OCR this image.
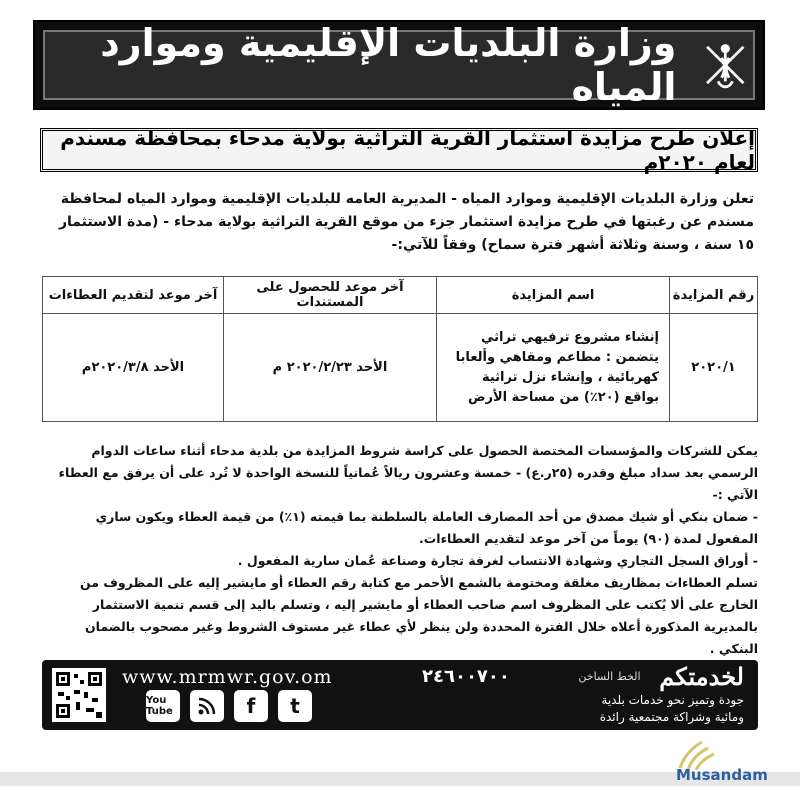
وزارة البلديات الإقليمية وموارد المياه
إعلان طرح مزايدة استثمار القرية التراثية بولاية مدحاء بمحافظة مسندم لعام ٢٠٢٠م
تعلن وزارة البلديات الإقليمية وموارد المياه - المديرية العامه للبلديات الإقليمية وموارد المياه لمحافظة مسندم عن رغبتها في طرح مزايدة استثمار جزء من موقع القرية التراثية بولاية مدحاء - (مدة الاستثمار ١٥ سنة ، وسنة وثلاثة أشهر فترة سماح) وفقاً للآتي:-
رقم المزايدة	اسم المزايدة	آخر موعد للحصول على المستندات	آخر موعد لتقديم العطاءات
٢٠٢٠/١	إنشاء مشروع ترفيهي تراثي يتضمن : مطاعم ومقاهي وألعابا كهربائية ، وإنشاء نزل تراثية بواقع (٢٠٪) من مساحة الأرض	الأحد ٢٠٢٠/٢/٢٣ م	الأحد ٢٠٢٠/٣/٨م

يمكن للشركات والمؤسسات المختصة الحصول على كراسة شروط المزايدة من بلدية مدحاء أثناء ساعات الدوام الرسمي بعد سداد مبلغ وقدره (٢٥ر.ع) - خمسة وعشرون ريالاً عُمانياً للنسخة الواحدة لا تُرد على أن يرفق مع العطاء الآتي :-

- ضمان بنكي أو شيك مصدق من أحد المصارف العاملة بالسلطنة بما قيمته (١٪) من قيمة العطاء ويكون ساري المفعول لمدة (٩٠) يوماً من آخر موعد لتقديم العطاءات.

- أوراق السجل التجاري وشهادة الانتساب لغرفة تجارة وصناعة عُمان سارية المفعول .

تسلم العطاءات بمظاريف مغلقة ومختومة بالشمع الأحمر مع كتابة رقم العطاء أو مايشير إليه على المظروف من الخارج على ألا يُكتب على المظروف اسم صاحب العطاء أو مايشير إليه ، وتسلم باليد إلى قسم تنمية الاستثمار بالمديرية المذكورة أعلاه خلال الفترة المحددة ولن ينظر لأي عطاء غير مستوف الشروط وغير مصحوب بالضمان البنكي .

www.mrmwr.gov.om
You Tube	f	t
٢٤٦٠٠٧٠٠	الخط الساخن لخدمتكم
جودة وتميز نحو خدمات بلدية
ومائية وشراكة مجتمعية رائدة
Musandam
